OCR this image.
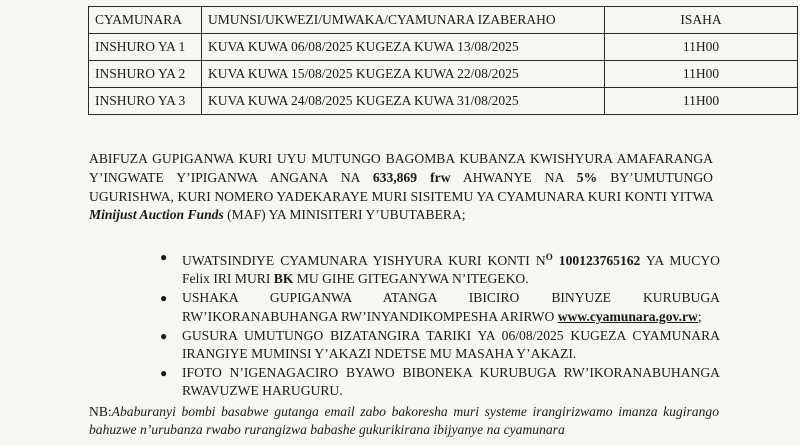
CYAMUNARA	UMUNSI/UKWEZI/UMWAKA/CYAMUNARA IZABERAHO	ISAHA
INSHURO YA 1	KUVA KUWA 06/08/2025 KUGEZA KUWA 13/08/2025	11H00
INSHURO YA 2	KUVA KUWA 15/08/2025 KUGEZA KUWA 22/08/2025	11H00
INSHURO YA 3	KUVA KUWA 24/08/2025 KUGEZA KUWA 31/08/2025	11H00

ABIFUZA GUPIGANWA KURI UYU MUTUNGO BAGOMBA KUBANZA KWISHYURA AMAFARANGA Y’INGWATE Y’IPIGANWA ANGANA NA 633,869 frw AHWANYE NA 5% BY’UMUTUNGO UGURISHWA, KURI NOMERO YADEKARAYE MURI SISITEMU YA CYAMUNARA KURI KONTI YITWA Minijust Auction Funds (MAF) YA MINISITERI Y’UBUTABERA;

● UWATSINDIYE CYAMUNARA YISHYURA KURI KONTI $N^O$ 100123765162 YA MUCYO Felix IRI MURI BK MU GIHE GITEGANYWA N’ITEGEKO.
● USHAKA GUPIGANWA ATANGA IBICIRO BINYUZE KURUBUGA RW’IKORANABUHANGA RW’INYANDIKOMPESHA ARIRWO www.cyamunara.gov.rw;
● GUSURA UMUTUNGO BIZATANGIRA TARIKI YA 06/08/2025 KUGEZA CYAMUNARA IRANGIYE MUMINSI Y’AKAZI NDETSE MU MASAHA Y’AKAZI.
● IFOTO N’IGENAGACIRO BYAWO BIBONEKA KURUBUGA RW’IKORANABUHANGA RWAVUZWE HARUGURU.

NB:Ababuranyi bombi basabwe gutanga email zabo bakoresha muri systeme irangirizwamo imanza kugirango bahuzwe n’urubanza rwabo rurangizwa babashe gukurikirana ibijyanye na cyamunara
